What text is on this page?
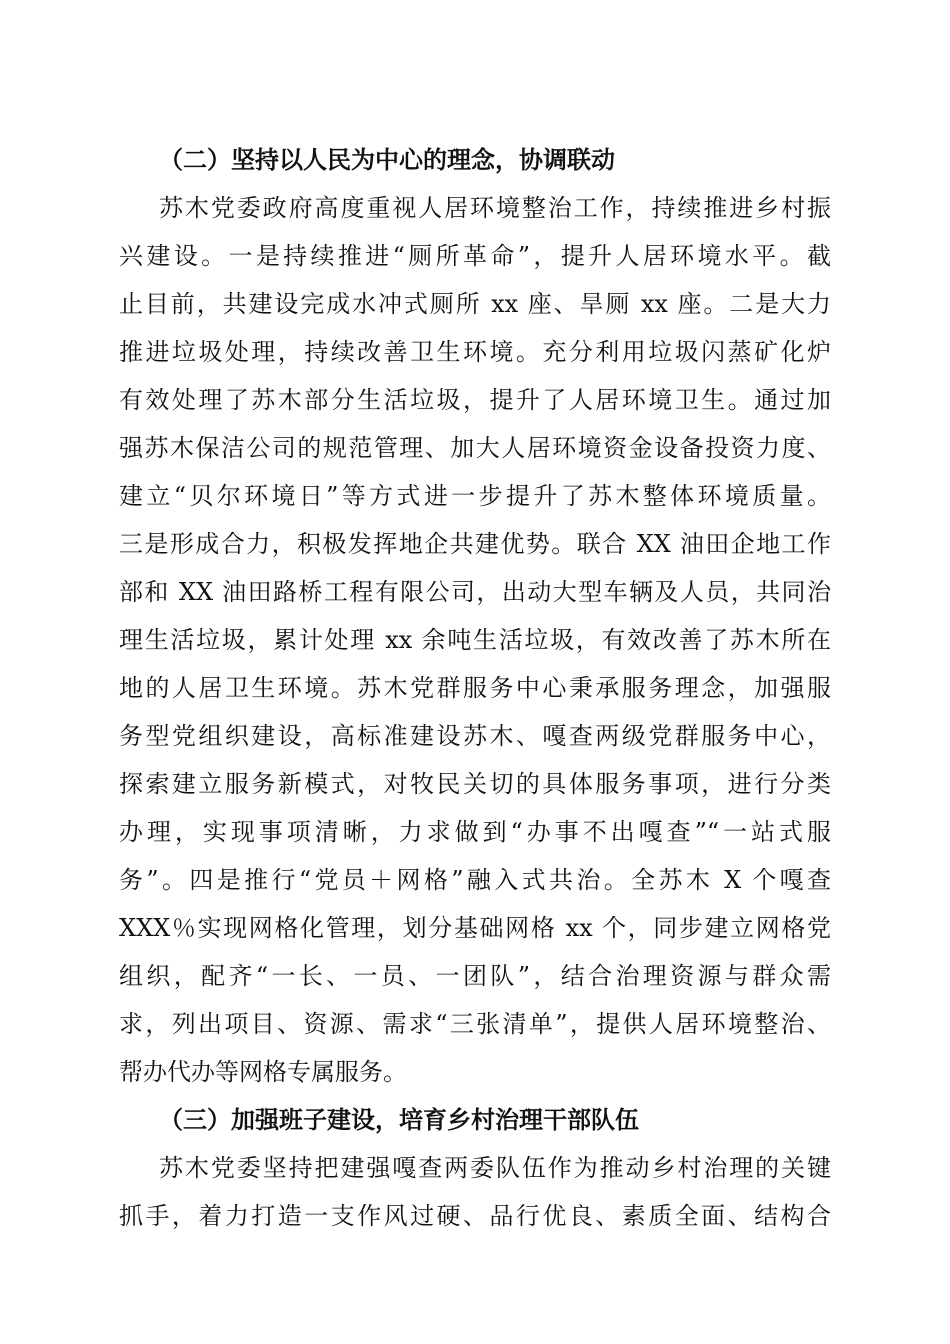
（二）坚持以人民为中心的理念，协调联动

苏木党委政府高度重视人居环境整治工作，持续推进乡村振

兴建设。一是持续推进“厕所革命”，提升人居环境水平。截

止目前，共建设完成水冲式厕所 xx 座、旱厕 xx 座。二是大力

推进垃圾处理，持续改善卫生环境。充分利用垃圾闪蒸矿化炉

有效处理了苏木部分生活垃圾，提升了人居环境卫生。通过加

强苏木保洁公司的规范管理、加大人居环境资金设备投资力度、

建立“贝尔环境日”等方式进一步提升了苏木整体环境质量。

三是形成合力，积极发挥地企共建优势。联合 XX 油田企地工作

部和 XX 油田路桥工程有限公司，出动大型车辆及人员，共同治

理生活垃圾，累计处理 xx 余吨生活垃圾，有效改善了苏木所在

地的人居卫生环境。苏木党群服务中心秉承服务理念，加强服

务型党组织建设，高标准建设苏木、嘎查两级党群服务中心，

探索建立服务新模式，对牧民关切的具体服务事项，进行分类

办理，实现事项清晰，力求做到“办事不出嘎查”“一站式服

务”。四是推行“党员＋网格”融入式共治。全苏木 X 个嘎查

XXX％实现网格化管理，划分基础网格 xx 个，同步建立网格党

组织，配齐“一长、一员、一团队”，结合治理资源与群众需

求，列出项目、资源、需求“三张清单”，提供人居环境整治、

帮办代办等网格专属服务。

（三）加强班子建设，培育乡村治理干部队伍

苏木党委坚持把建强嘎查两委队伍作为推动乡村治理的关键

抓手，着力打造一支作风过硬、品行优良、素质全面、结构合
